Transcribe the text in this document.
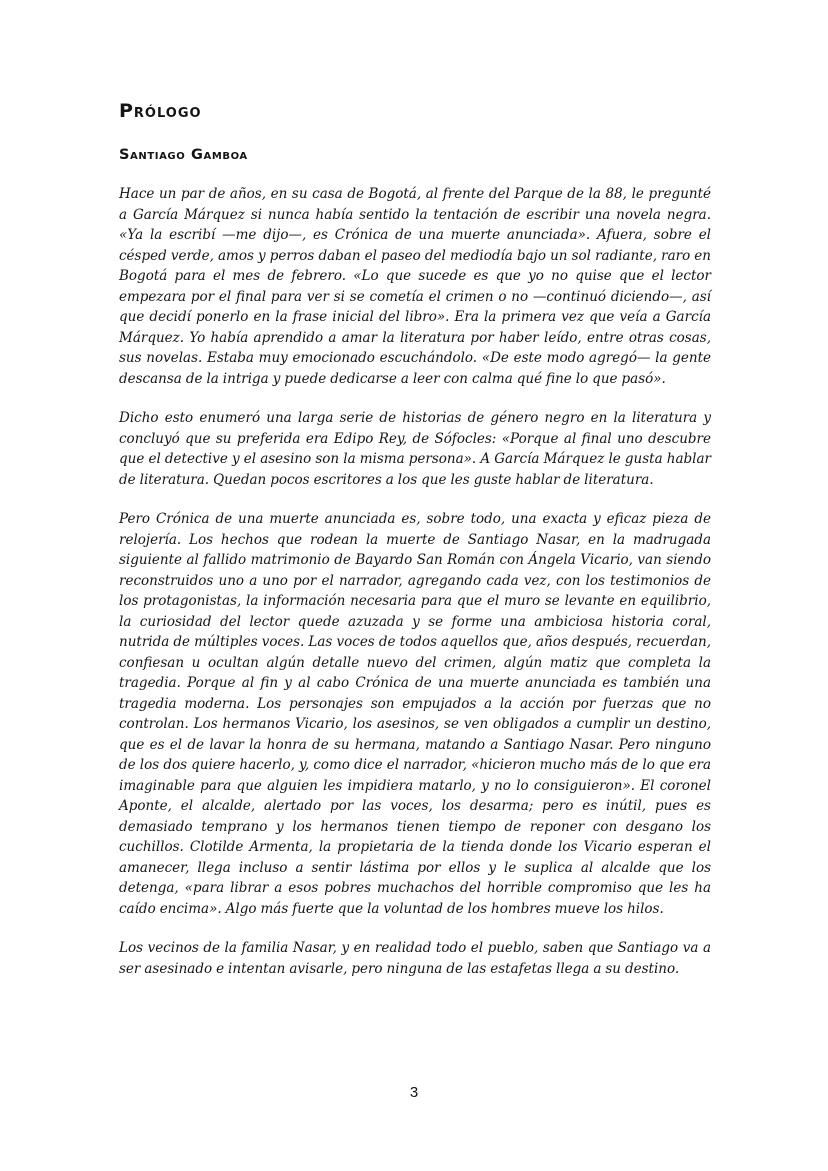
Prólogo
Santiago Gamboa

Hace un par de años, en su casa de Bogotá, al frente del Parque de la 88, le pregunté a García Márquez si nunca había sentido la tentación de escribir una novela negra. «Ya la escribí —me dijo—, es Crónica de una muerte anunciada». Afuera, sobre el césped verde, amos y perros daban el paseo del mediodía bajo un sol radiante, raro en Bogotá para el mes de febrero. «Lo que sucede es que yo no quise que el lector empezara por el final para ver si se cometía el crimen o no —continuó diciendo—, así que decidí ponerlo en la frase inicial del libro». Era la primera vez que veía a García Márquez. Yo había aprendido a amar la literatura por haber leído, entre otras cosas, sus novelas. Estaba muy emocionado escuchándolo. «De este modo agregó— la gente descansa de la intriga y puede dedicarse a leer con calma qué fine lo que pasó».

Dicho esto enumeró una larga serie de historias de género negro en la literatura y concluyó que su preferida era Edipo Rey, de Sófocles: «Porque al final uno descubre que el detective y el asesino son la misma persona». A García Márquez le gusta hablar de literatura. Quedan pocos escritores a los que les guste hablar de literatura.

Pero Crónica de una muerte anunciada es, sobre todo, una exacta y eficaz pieza de relojería. Los hechos que rodean la muerte de Santiago Nasar, en la madrugada siguiente al fallido matrimonio de Bayardo San Román con Ángela Vicario, van siendo reconstruidos uno a uno por el narrador, agregando cada vez, con los testimonios de los protagonistas, la información necesaria para que el muro se levante en equilibrio, la curiosidad del lector quede azuzada y se forme una ambiciosa historia coral, nutrida de múltiples voces. Las voces de todos aquellos que, años después, recuerdan, confiesan u ocultan algún detalle nuevo del crimen, algún matiz que completa la tragedia. Porque al fin y al cabo Crónica de una muerte anunciada es también una tragedia moderna. Los personajes son empujados a la acción por fuerzas que no controlan. Los hermanos Vicario, los asesinos, se ven obligados a cumplir un destino, que es el de lavar la honra de su hermana, matando a Santiago Nasar. Pero ninguno de los dos quiere hacerlo, y, como dice el narrador, «hicieron mucho más de lo que era imaginable para que alguien les impidiera matarlo, y no lo consiguieron». El coronel Aponte, el alcalde, alertado por las voces, los desarma; pero es inútil, pues es demasiado temprano y los hermanos tienen tiempo de reponer con desgano los cuchillos. Clotilde Armenta, la propietaria de la tienda donde los Vicario esperan el amanecer, llega incluso a sentir lástima por ellos y le suplica al alcalde que los detenga, «para librar a esos pobres muchachos del horrible compromiso que les ha caído encima». Algo más fuerte que la voluntad de los hombres mueve los hilos.

Los vecinos de la familia Nasar, y en realidad todo el pueblo, saben que Santiago va a ser asesinado e intentan avisarle, pero ninguna de las estafetas llega a su destino.

3
